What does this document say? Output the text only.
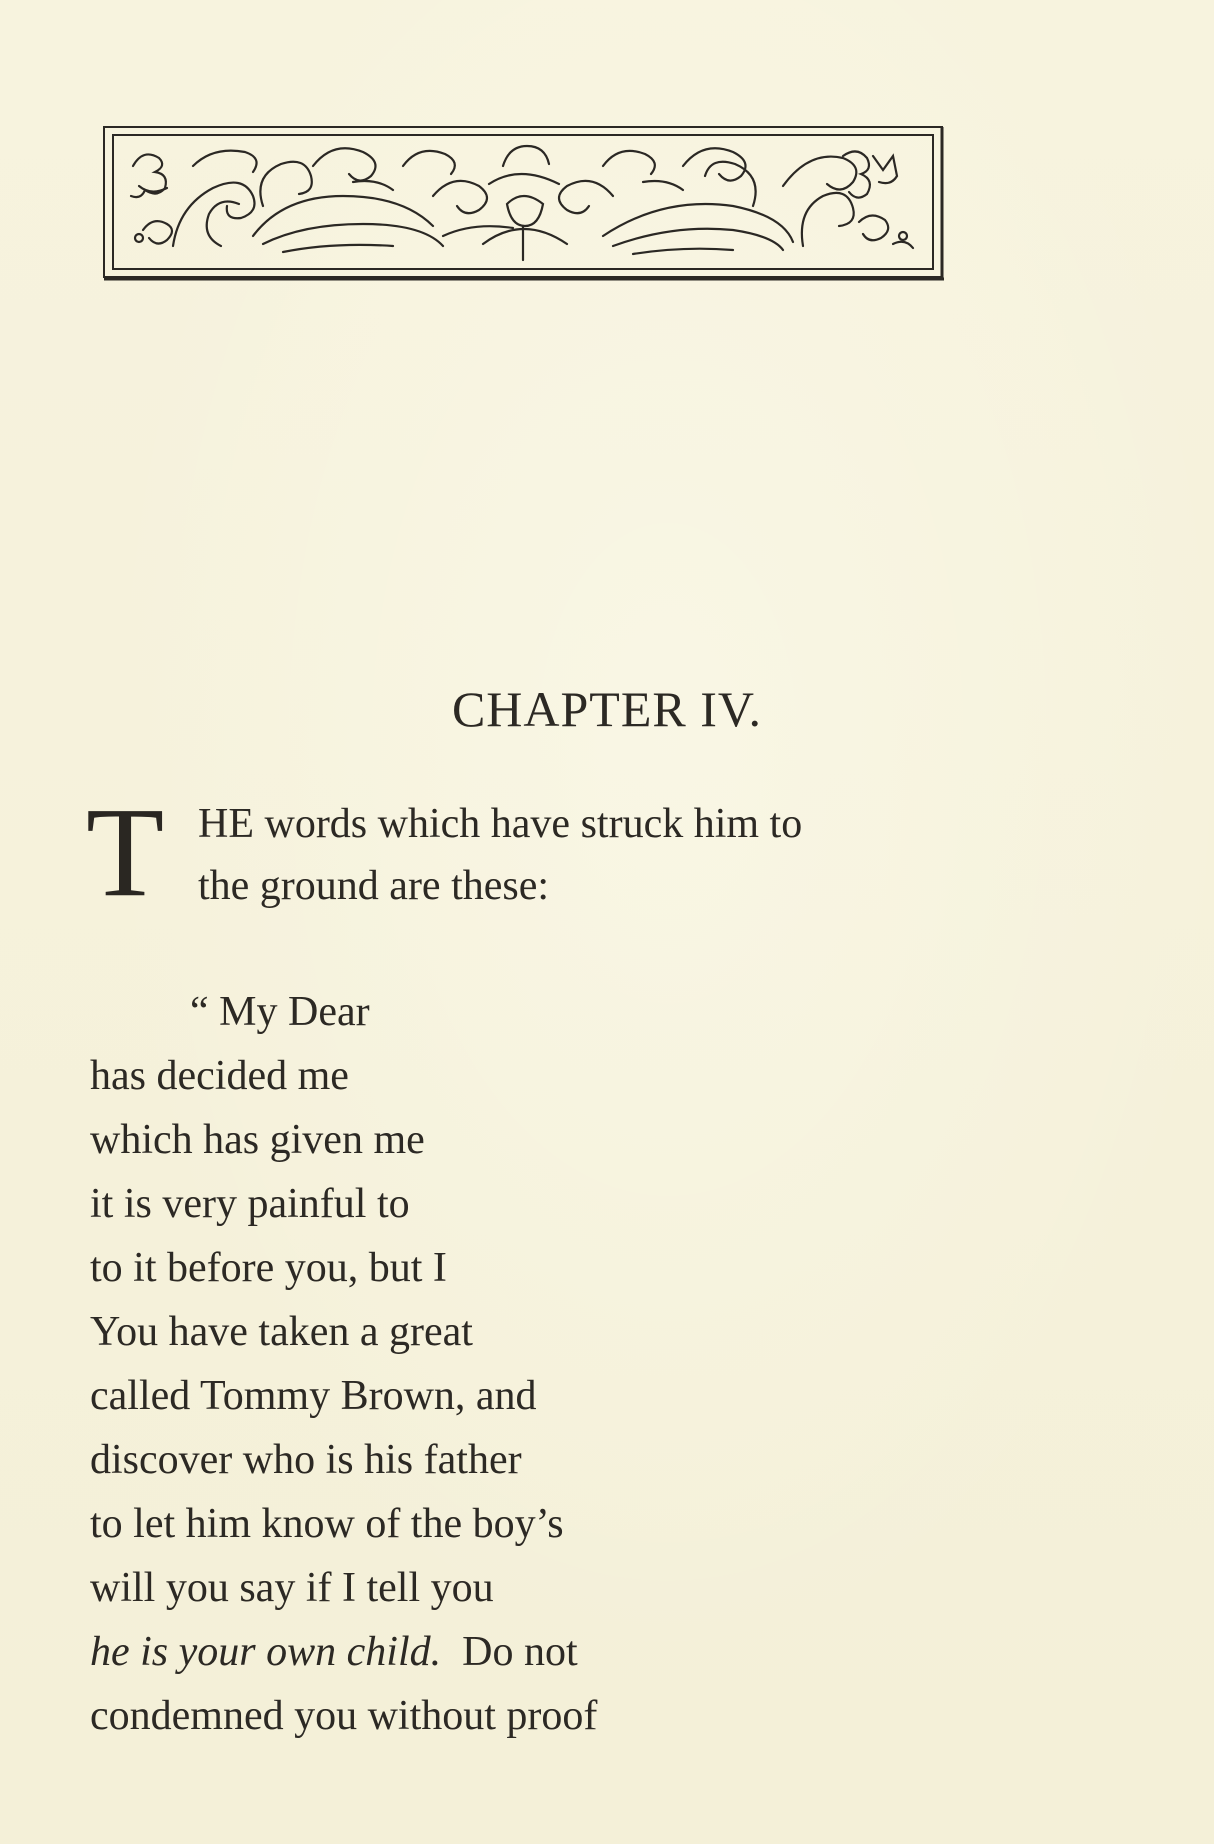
CHAPTER IV.
T HE words which have struck him to
the ground are these:
“ My Dear
has decided me
which has given me
it is very painful to
to it before you, but I
You have taken a great
called Tommy Brown, and
discover who is his father
to let him know of the boy’s
will you say if I tell you
he is your own child. Do not
condemned you without proof
